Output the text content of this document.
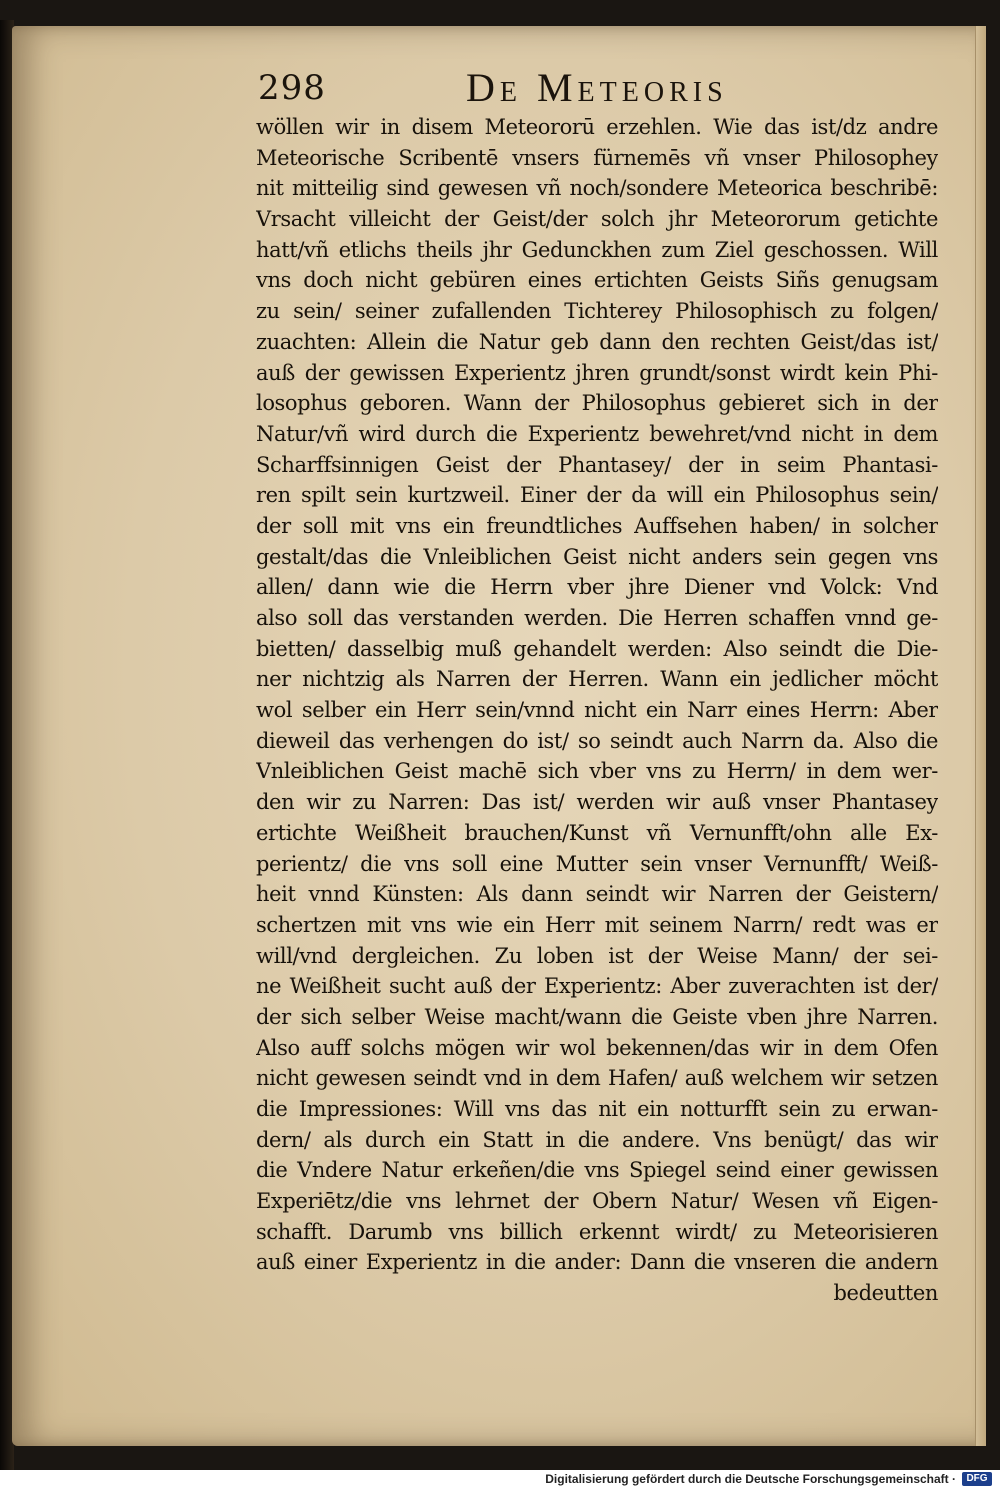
298	De Meteoris
wöllen wir in disem Meteororū erzehlen. Wie das ist/dz andre
Meteorische Scribentē vnsers fürnemēs vñ vnser Philosophey
nit mitteilig sind gewesen vñ noch/sondere Meteorica beschribē:
Vrsacht villeicht der Geist/der solch jhr Meteororum getichte
hatt/vñ etlichs theils jhr Gedunckhen zum Ziel geschossen. Will
vns doch nicht gebüren eines ertichten Geists Siñs genugsam
zu sein/ seiner zufallenden Tichterey Philosophisch zu folgen/
zuachten: Allein die Natur geb dann den rechten Geist/das ist/
auß der gewissen Experientz jhren grundt/sonst wirdt kein Phi-
losophus geboren. Wann der Philosophus gebieret sich in der
Natur/vñ wird durch die Experientz bewehret/vnd nicht in dem
Scharffsinnigen Geist der Phantasey/ der in seim Phantasi-
ren spilt sein kurtzweil. Einer der da will ein Philosophus sein/
der soll mit vns ein freundtliches Auffsehen haben/ in solcher
gestalt/das die Vnleiblichen Geist nicht anders sein gegen vns
allen/ dann wie die Herrn vber jhre Diener vnd Volck: Vnd
also soll das verstanden werden. Die Herren schaffen vnnd ge-
bietten/ dasselbig muß gehandelt werden: Also seindt die Die-
ner nichtzig als Narren der Herren. Wann ein jedlicher möcht
wol selber ein Herr sein/vnnd nicht ein Narr eines Herrn: Aber
dieweil das verhengen do ist/ so seindt auch Narrn da. Also die
Vnleiblichen Geist machē sich vber vns zu Herrn/ in dem wer-
den wir zu Narren: Das ist/ werden wir auß vnser Phantasey
ertichte Weißheit brauchen/Kunst vñ Vernunfft/ohn alle Ex-
perientz/ die vns soll eine Mutter sein vnser Vernunfft/ Weiß-
heit vnnd Künsten: Als dann seindt wir Narren der Geistern/
schertzen mit vns wie ein Herr mit seinem Narrn/ redt was er
will/vnd dergleichen. Zu loben ist der Weise Mann/ der sei-
ne Weißheit sucht auß der Experientz: Aber zuverachten ist der/
der sich selber Weise macht/wann die Geiste vben jhre Narren.
Also auff solchs mögen wir wol bekennen/das wir in dem Ofen
nicht gewesen seindt vnd in dem Hafen/ auß welchem wir setzen
die Impressiones: Will vns das nit ein notturfft sein zu erwan-
dern/ als durch ein Statt in die andere. Vns benügt/ das wir
die Vndere Natur erkeñen/die vns Spiegel seind einer gewissen
Experiētz/die vns lehrnet der Obern Natur/ Wesen vñ Eigen-
schafft. Darumb vns billich erkennt wirdt/ zu Meteorisieren
auß einer Experientz in die ander: Dann die vnseren die andern
bedeutten
Digitalisierung gefördert durch die Deutsche Forschungsgemeinschaft ·	DFG
